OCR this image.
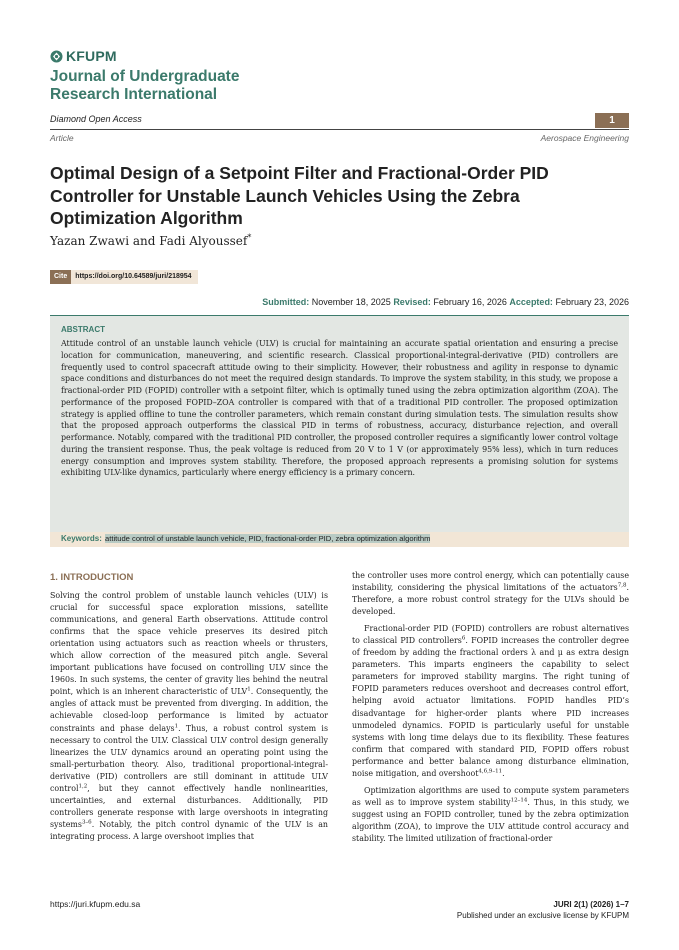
KFUPM
Journal of Undergraduate
Research International
Diamond Open Access	1
Article	Aerospace Engineering
Optimal Design of a Setpoint Filter and Fractional-Order PID Controller for Unstable Launch Vehicles Using the Zebra Optimization Algorithm
Yazan Zwawi and Fadi Alyoussef*
Cite	https://doi.org/10.64589/juri/218954
Submitted: November 18, 2025 Revised: February 16, 2026 Accepted: February 23, 2026
ABSTRACT
Attitude control of an unstable launch vehicle (ULV) is crucial for maintaining an accurate spatial orientation and ensuring a precise location for communication, maneuvering, and scientific research. Classical proportional-integral-derivative (PID) controllers are frequently used to control spacecraft attitude owing to their simplicity. However, their robustness and agility in response to dynamic space conditions and disturbances do not meet the required design standards. To improve the system stability, in this study, we propose a fractional-order PID (FOPID) controller with a setpoint filter, which is optimally tuned using the zebra optimization algorithm (ZOA). The performance of the proposed FOPID–ZOA controller is compared with that of a traditional PID controller. The proposed optimization strategy is applied offline to tune the controller parameters, which remain constant during simulation tests. The simulation results show that the proposed approach outperforms the classical PID in terms of robustness, accuracy, disturbance rejection, and overall performance. Notably, compared with the traditional PID controller, the proposed controller requires a significantly lower control voltage during the transient response. Thus, the peak voltage is reduced from 20 V to 1 V (or approximately 95% less), which in turn reduces energy consumption and improves system stability. Therefore, the proposed approach represents a promising solution for systems exhibiting ULV-like dynamics, particularly where energy efficiency is a primary concern.
Keywords: attitude control of unstable launch vehicle, PID, fractional-order PID, zebra optimization algorithm
1. INTRODUCTION

Solving the control problem of unstable launch vehicles (ULV) is crucial for successful space exploration missions, satellite communications, and general Earth observations. Attitude control confirms that the space vehicle preserves its desired pitch orientation using actuators such as reaction wheels or thrusters, which allow correction of the measured pitch angle. Several important publications have focused on controlling ULV since the 1960s. In such systems, the center of gravity lies behind the neutral point, which is an inherent characteristic of ULV$^1$. Consequently, the angles of attack must be prevented from diverging. In addition, the achievable closed-loop performance is limited by actuator constraints and phase delays$^1$. Thus, a robust control system is necessary to control the ULV. Classical ULV control design generally linearizes the ULV dynamics around an operating point using the small-perturbation theory. Also, traditional proportional-integral-derivative (PID) controllers are still dominant in attitude ULV control$^{1,2}$, but they cannot effectively handle nonlinearities, uncertainties, and external disturbances. Additionally, PID controllers generate response with large overshoots in integrating systems$^{3-6}$. Notably, the pitch control dynamic of the ULV is an integrating process. A large overshoot implies that

the controller uses more control energy, which can potentially cause instability, considering the physical limitations of the actuators$^{7,8}$. Therefore, a more robust control strategy for the ULVs should be developed.

Fractional-order PID (FOPID) controllers are robust alternatives to classical PID controllers$^6$. FOPID increases the controller degree of freedom by adding the fractional orders λ and μ as extra design parameters. This imparts engineers the capability to select parameters for improved stability margins. The right tuning of FOPID parameters reduces overshoot and decreases control effort, helping avoid actuator limitations. FOPID handles PID’s disadvantage for higher-order plants where PID increases unmodeled dynamics. FOPID is particularly useful for unstable systems with long time delays due to its flexibility. These features confirm that compared with standard PID, FOPID offers robust performance and better balance among disturbance elimination, noise mitigation, and overshoot$^{4,6,9-11}$.

Optimization algorithms are used to compute system parameters as well as to improve system stability$^{12-14}$. Thus, in this study, we suggest using an FOPID controller, tuned by the zebra optimization algorithm (ZOA), to improve the ULV attitude control accuracy and stability. The limited utilization of fractional-order

https://juri.kfupm.edu.sa	JURI 2(1) (2026) 1–7
Published under an exclusive license by KFUPM
